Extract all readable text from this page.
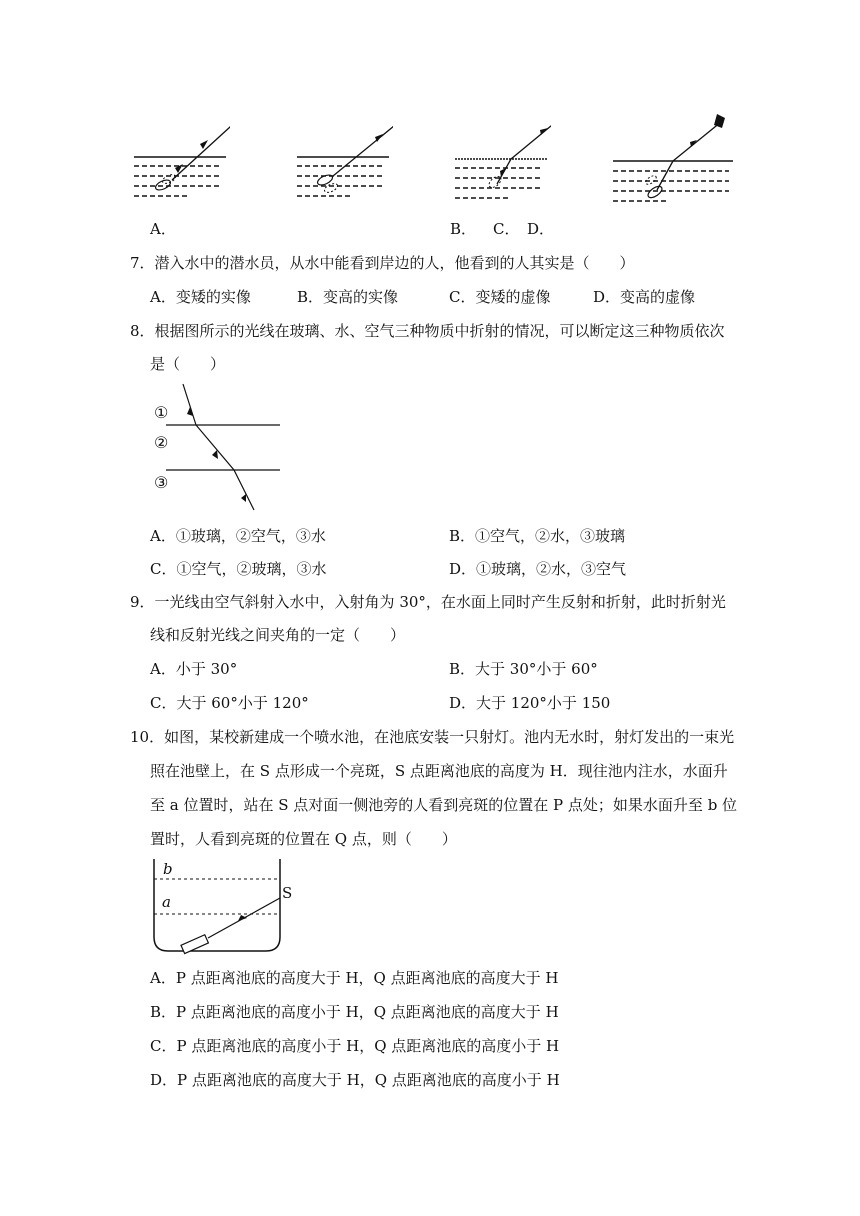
A．	B． C． D．
7．潜入水中的潜水员，从水中能看到岸边的人，他看到的人其实是（　　）
A．变矮的实像	B．变高的实像	C．变矮的虚像	D．变高的虚像
8．根据图所示的光线在玻璃、水、空气三种物质中折射的情况，可以断定这三种物质依次
是（　　）
①
②
③
A．①玻璃，②空气，③水	B．①空气，②水，③玻璃
C．①空气，②玻璃，③水	D．①玻璃，②水，③空气
9．一光线由空气斜射入水中，入射角为 30°，在水面上同时产生反射和折射，此时折射光
线和反射光线之间夹角的一定（　　）
A．小于 30°	B．大于 30°小于 60°
C．大于 60°小于 120°	D．大于 120°小于 150
10．如图，某校新建成一个喷水池，在池底安装一只射灯。池内无水时，射灯发出的一束光
照在池壁上，在 S 点形成一个亮斑，S 点距离池底的高度为 H．现往池内注水，水面升
至 a 位置时，站在 S 点对面一侧池旁的人看到亮斑的位置在 P 点处；如果水面升至 b 位
置时，人看到亮斑的位置在 Q 点，则（　　）
b
a	S
A．P 点距离池底的高度大于 H，Q 点距离池底的高度大于 H
B．P 点距离池底的高度小于 H，Q 点距离池底的高度大于 H
C．P 点距离池底的高度小于 H，Q 点距离池底的高度小于 H
D．P 点距离池底的高度大于 H，Q 点距离池底的高度小于 H
